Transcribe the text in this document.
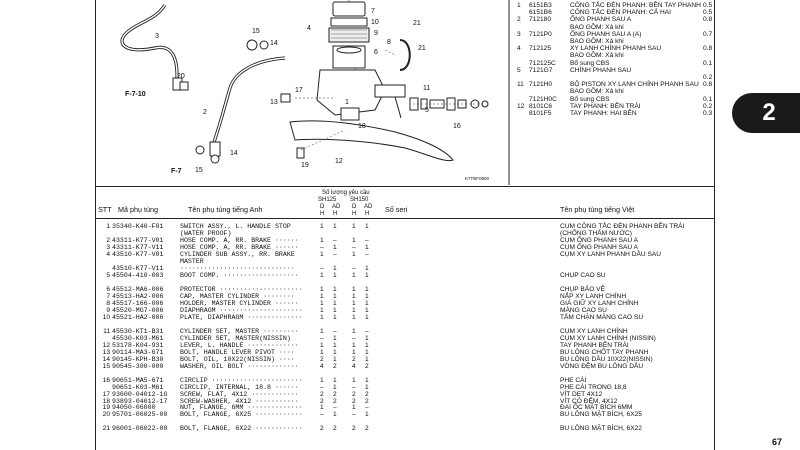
3
20
15
14
2
14
15
7
10
4
9
6
21
8
21
11
16
5
13
17
18
19
12
1
F-7-10
F-7
K7TBF0800
1 6151B3	CÔNG TẮC ĐÈN PHANH: BÊN TAY PHANH 0.5
6151B6	CÔNG TẮC ĐÈN PHANH: CẢ HAI	0.5
2 712180	ỐNG PHANH SAU A	0.8
BAO GỒM: Xả khí
3 7121P0	ỐNG PHANH SAU A (A)	0.7
BAO GỒM: Xả khí
4 712125	XY LANH CHÍNH PHANH SAU	0.8
BAO GỒM: Xả khí
712125C Bổ sung CBS	0.1
5 7121G7	CHÍNH PHANH SAU
0.2
11 7121H0	BỘ PISTON XY LANH CHÍNH PHANH SAU 0.8
BAO GỒM: Xả khí
7121H0C Bổ sung CBS	0.1
12 8101C6	TAY PHANH: BÊN TRÁI	0.2
8101F5	TAY PHANH: HAI BÊN	0.3	2
67
STT Mã phụ tùng	Tên phụ tùng tiếng Anh
Số lượng yêu cầu
SH125 SH150
D AD D AD
H H H H Số seri	Tên phụ tùng tiếng Việt
1 35340-K40-F01	SWITCH ASSY., L. HANDLE STOP	1 1 1 1	CỤM CÔNG TẮC ĐÈN PHANH BÊN TRÁI
(WATER PROOF)	(CHỐNG THẤM NƯỚC)
2 43311-K77-V01	HOSE COMP. A, RR. BRAKE ······	1 – 1 –	CỤM ỐNG PHANH SAU A
3 43311-K77-V11	HOSE COMP. A, RR. BRAKE ······	– 1 – 1	CỤM ỐNG PHANH SAU A
4 43510-K77-V01	CYLINDER SUB ASSY., RR. BRAKE	1 – 1 –	CỤM XY LANH PHANH DẦU SAU
MASTER
43510-K77-V11	·····························	– 1 – 1
5 45504-410-003	BOOT COMP. ···················	1 1 1 1	CHỤP CAO SU
6 45512-MA6-006	PROTECTOR ·····················	1 1 1 1	CHỤP BẢO VỆ
7 45513-HA2-006	CAP, MASTER CYLINDER ········	1 1 1 1	NẮP XY LANH CHÍNH
8 45517-166-006	HOLDER, MASTER CYLINDER ······	1 1 1 1	GIÁ GIỮ XY LANH CHÍNH
9 45520-MG7-006	DIAPHRAGM ·····················	1 1 1 1	MÀNG CAO SU
10 45521-HA2-006	PLATE, DIAPHRAGM ··············	1 1 1 1	TẤM CHẶN MÀNG CAO SU
11 45530-KT1-B31	CYLINDER SET, MASTER ·········	1 – 1 –	CỤM XY LANH CHÍNH
45530-K03-M61	CYLINDER SET, MASTER(NISSIN)	– 1 – 1	CỤM XY LANH CHÍNH (NISSIN)
12 53178-K04-931	LEVER, L. HANDLE ·············	1 1 1 1	TAY PHANH BÊN TRÁI
13 90114-MA3-671	BOLT, HANDLE LEVER PIVOT ····	1 1 1 1	BU LÔNG CHỐT TAY PHANH
14 90145-KPH-B30	BOLT, OIL, 10X22(NISSIN) ····	2 1 2 1	BU LÔNG DẦU 10X22(NISSIN)
15 90545-300-000	WASHER, OIL BOLT ·············	4 2 4 2	VÒNG ĐỆM BU LÔNG DẦU
16 90651-MA5-671	CIRCLIP ·······················	1 1 1 1	PHE CÀI
90651-K03-M61	CIRCLIP, INTERNAL, 18.8 ······	– 1 – 1	PHE CÀI TRONG 18,8
17 93600-04012-1G SCREW, FLAT, 4X12 ············	2 2 2 2	VÍT DẸT 4X12
18 93893-04012-17 SCREW-WASHER, 4X12 ···········	2 2 2 2	VÍT CÓ ĐỆM, 4X12
19 94050-06000	NUT, FLANGE, 6MM ··············	1 – 1 –	ĐAI ỐC MẶT BÍCH 6MM
20 95701-06025-00 BOLT, FLANGE, 6X25 ············	– 1 – 1	BU LÔNG MẶT BÍCH, 6X25
21 96001-06022-00 BOLT, FLANGE, 6X22 ············	2 2 2 2	BU LÔNG MẶT BÍCH, 6X22
